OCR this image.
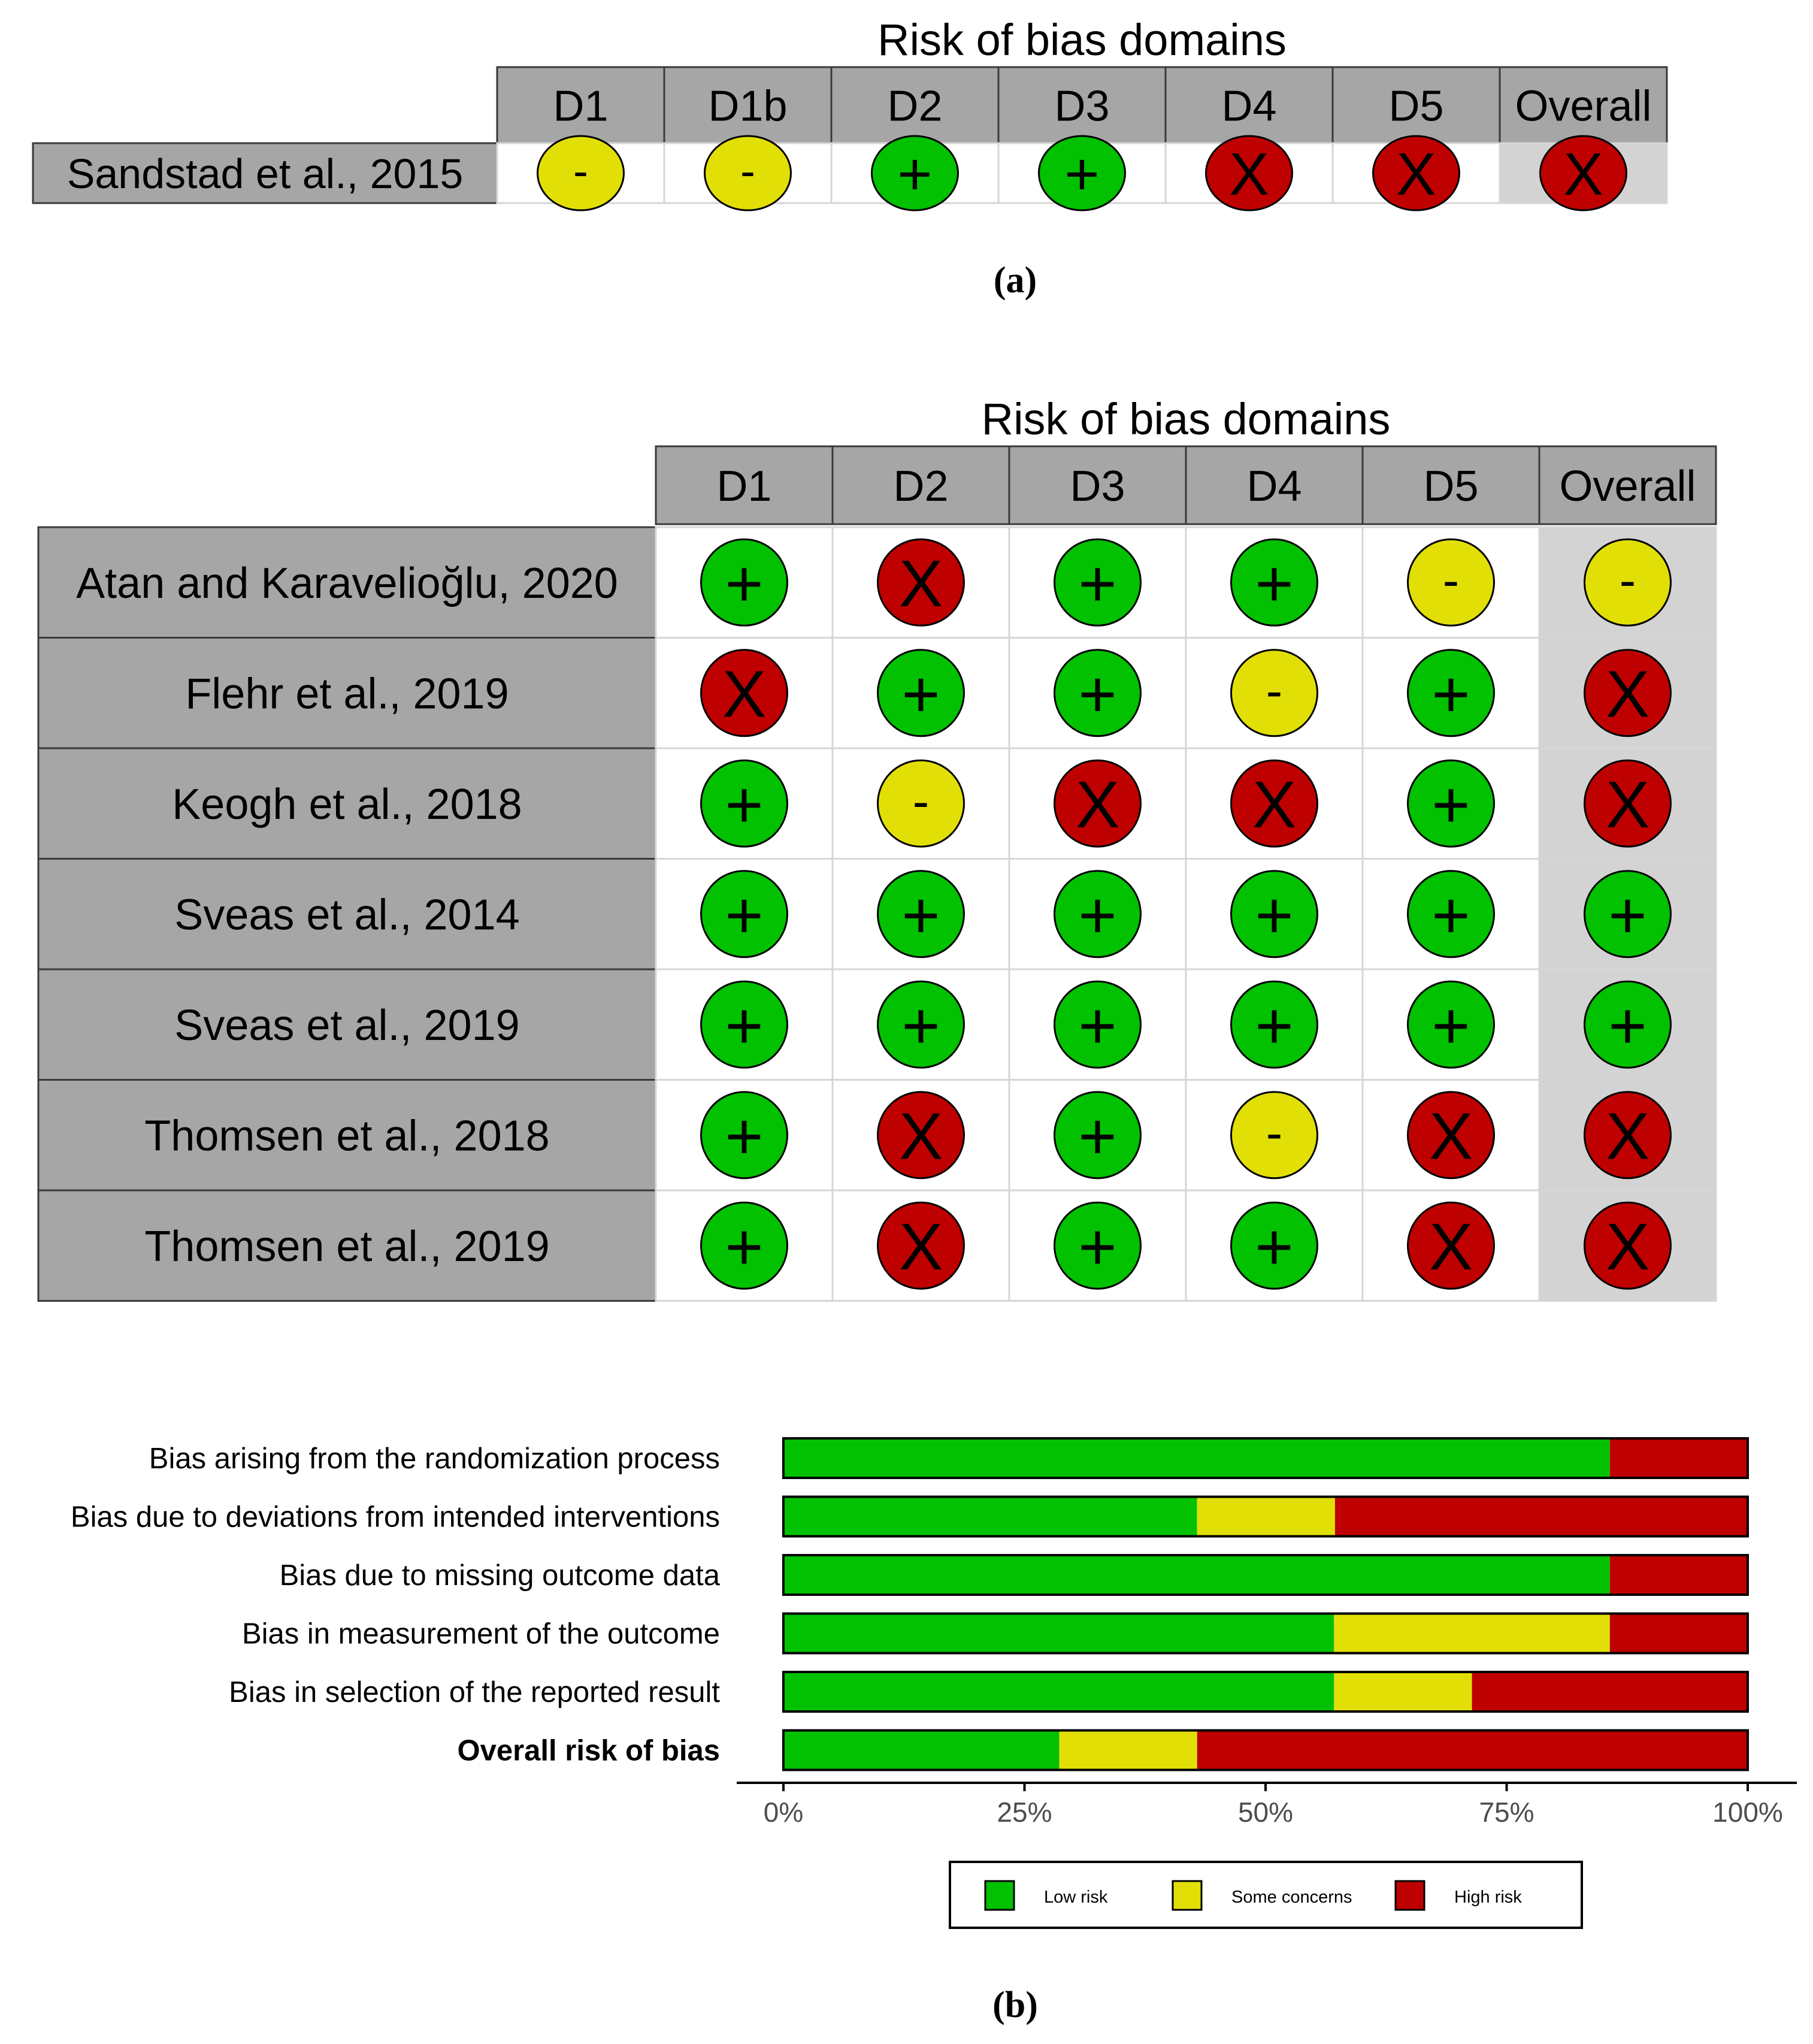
Risk of bias domains
D1 D1b D2	D3	D4	D5 Overall
Sandstad et al., 2015 -	- + + X X X
(a)
Risk of bias domains
D1	D2	D3	D4	D5 Overall
Atan and Karavelioğlu, 2020 + X + +	-	-
Flehr et al., 2019	X + +	- + X
Keogh et al., 2018	+	- X X + X
Sveas et al., 2014	+ + + + + +
Sveas et al., 2019	+ + + + + +
Thomsen et al., 2018	+ X +	- X X
Thomsen et al., 2019	+ X + + X X
Bias arising from the randomization process
Bias due to deviations from intended interventions
Bias due to missing outcome data
Bias in measurement of the outcome
Bias in selection of the reported result
Overall risk of bias
0%	25%	50%	75%	100%
Low risk	Some concerns	High risk
(b)
